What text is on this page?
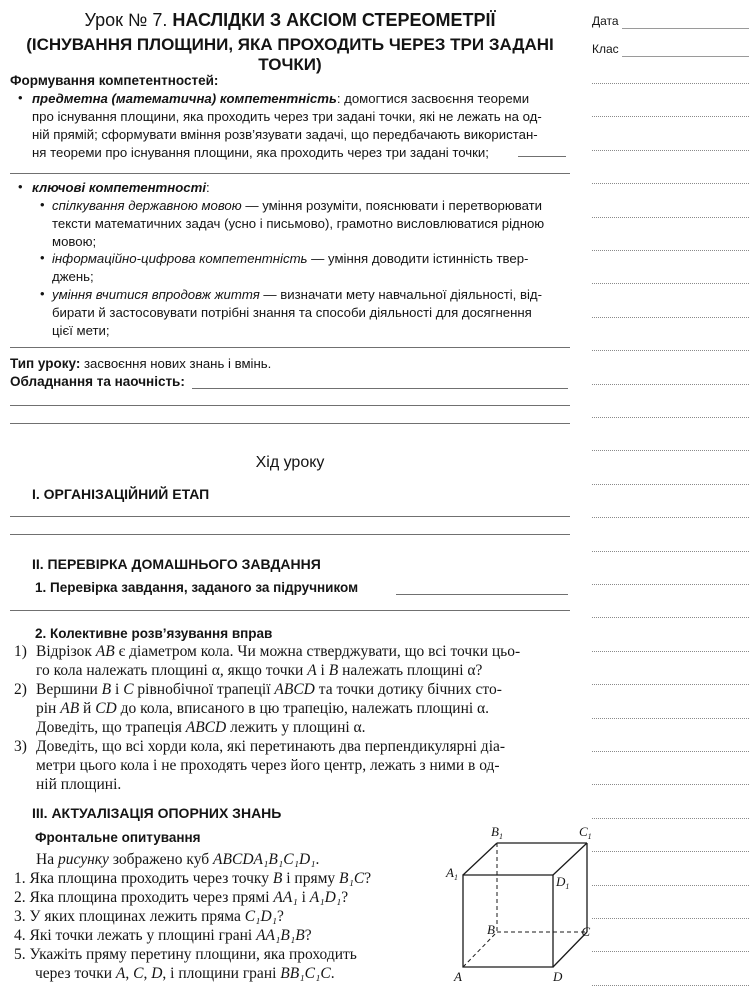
Урок № 7. НАСЛІДКИ З АКСІОМ СТЕРЕОМЕТРІЇ
(ІСНУВАННЯ ПЛОЩИНИ, ЯКА ПРОХОДИТЬ ЧЕРЕЗ ТРИ ЗАДАНІ ТОЧКИ)
Дата
Клас
Формування компетентностей:
• предметна (математична) компетентність: домогтися засвоєння теореми
про існування площини, яка проходить через три задані точки, які не лежать на од-
ній прямій; сформувати вміння розв’язувати задачі, що передбачають використан-
ня теореми про існування площини, яка проходить через три задані точки;
• ключові компетентності:
• спілкування державною мовою — уміння розуміти, пояснювати і перетворювати
тексти математичних задач (усно і письмово), грамотно висловлюватися рідною
мовою;
• інформаційно-цифрова компетентність — уміння доводити істинність твер-
джень;
• уміння вчитися впродовж життя — визначати мету навчальної діяльності, від-
бирати й застосовувати потрібні знання та способи діяльності для досягнення
цієї мети;
Тип уроку: засвоєння нових знань і вмінь.
Обладнання та наочність:
Хід уроку
І. ОРГАНІЗАЦІЙНИЙ ЕТАП
ІІ. ПЕРЕВІРКА ДОМАШНЬОГО ЗАВДАННЯ
1. Перевірка завдання, заданого за підручником
2. Колективне розв’язування вправ
1) Відрізок AB є діаметром кола. Чи можна стверджувати, що всі точки цьо-
го кола належать площині α, якщо точки A і B належать площині α?
2) Вершини B і C рівнобічної трапеції ABCD та точки дотику бічних сто-
рін AB й CD до кола, вписаного в цю трапецію, належать площині α.
Доведіть, що трапеція ABCD лежить у площині α.
3) Доведіть, що всі хорди кола, які перетинають два перпендикулярні діа-
метри цього кола і не проходять через його центр, лежать з ними в од-
ній площині.
ІІІ. АКТУАЛІЗАЦІЯ ОПОРНИХ ЗНАНЬ
Фронтальне опитування
На рисунку зображено куб ABCDA₁B₁C₁D₁.
1. Яка площина проходить через точку B і пряму B₁C?
2. Яка площина проходить через прямі AA₁ і A₁D₁?
3. У яких площинах лежить пряма C₁D₁?
4. Які точки лежать у площині грані AA₁B₁B?
5. Укажіть пряму перетину площини, яка проходить
через точки A, C, D, і площини грані BB₁C₁C.
$B_1$	$C_1$
$A_1$	$D_1$
B	C
A	D
